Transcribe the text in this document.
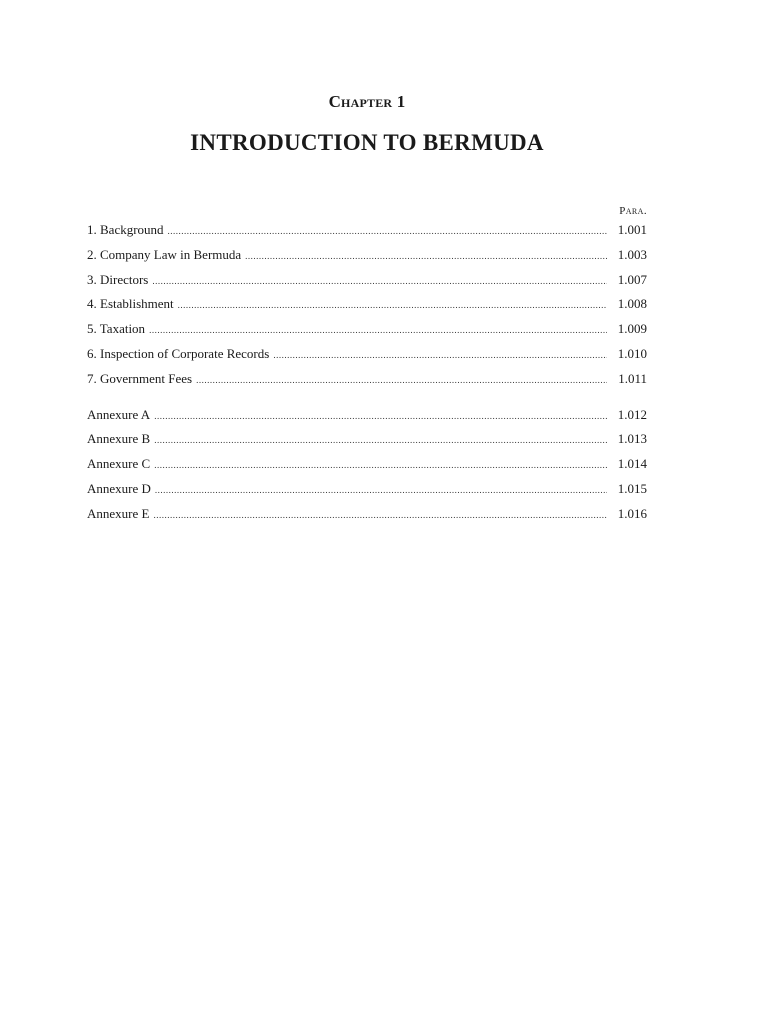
Chapter 1
INTRODUCTION TO BERMUDA
Para.
1. Background .....	1.001
2. Company Law in Bermuda .....	1.003
3. Directors .....	1.007
4. Establishment .....	1.008
5. Taxation .....	1.009
6. Inspection of Corporate Records .....	1.010
7. Government Fees .....	1.011
Annexure A .....	1.012
Annexure B .....	1.013
Annexure C .....	1.014
Annexure D .....	1.015
Annexure E .....	1.016
